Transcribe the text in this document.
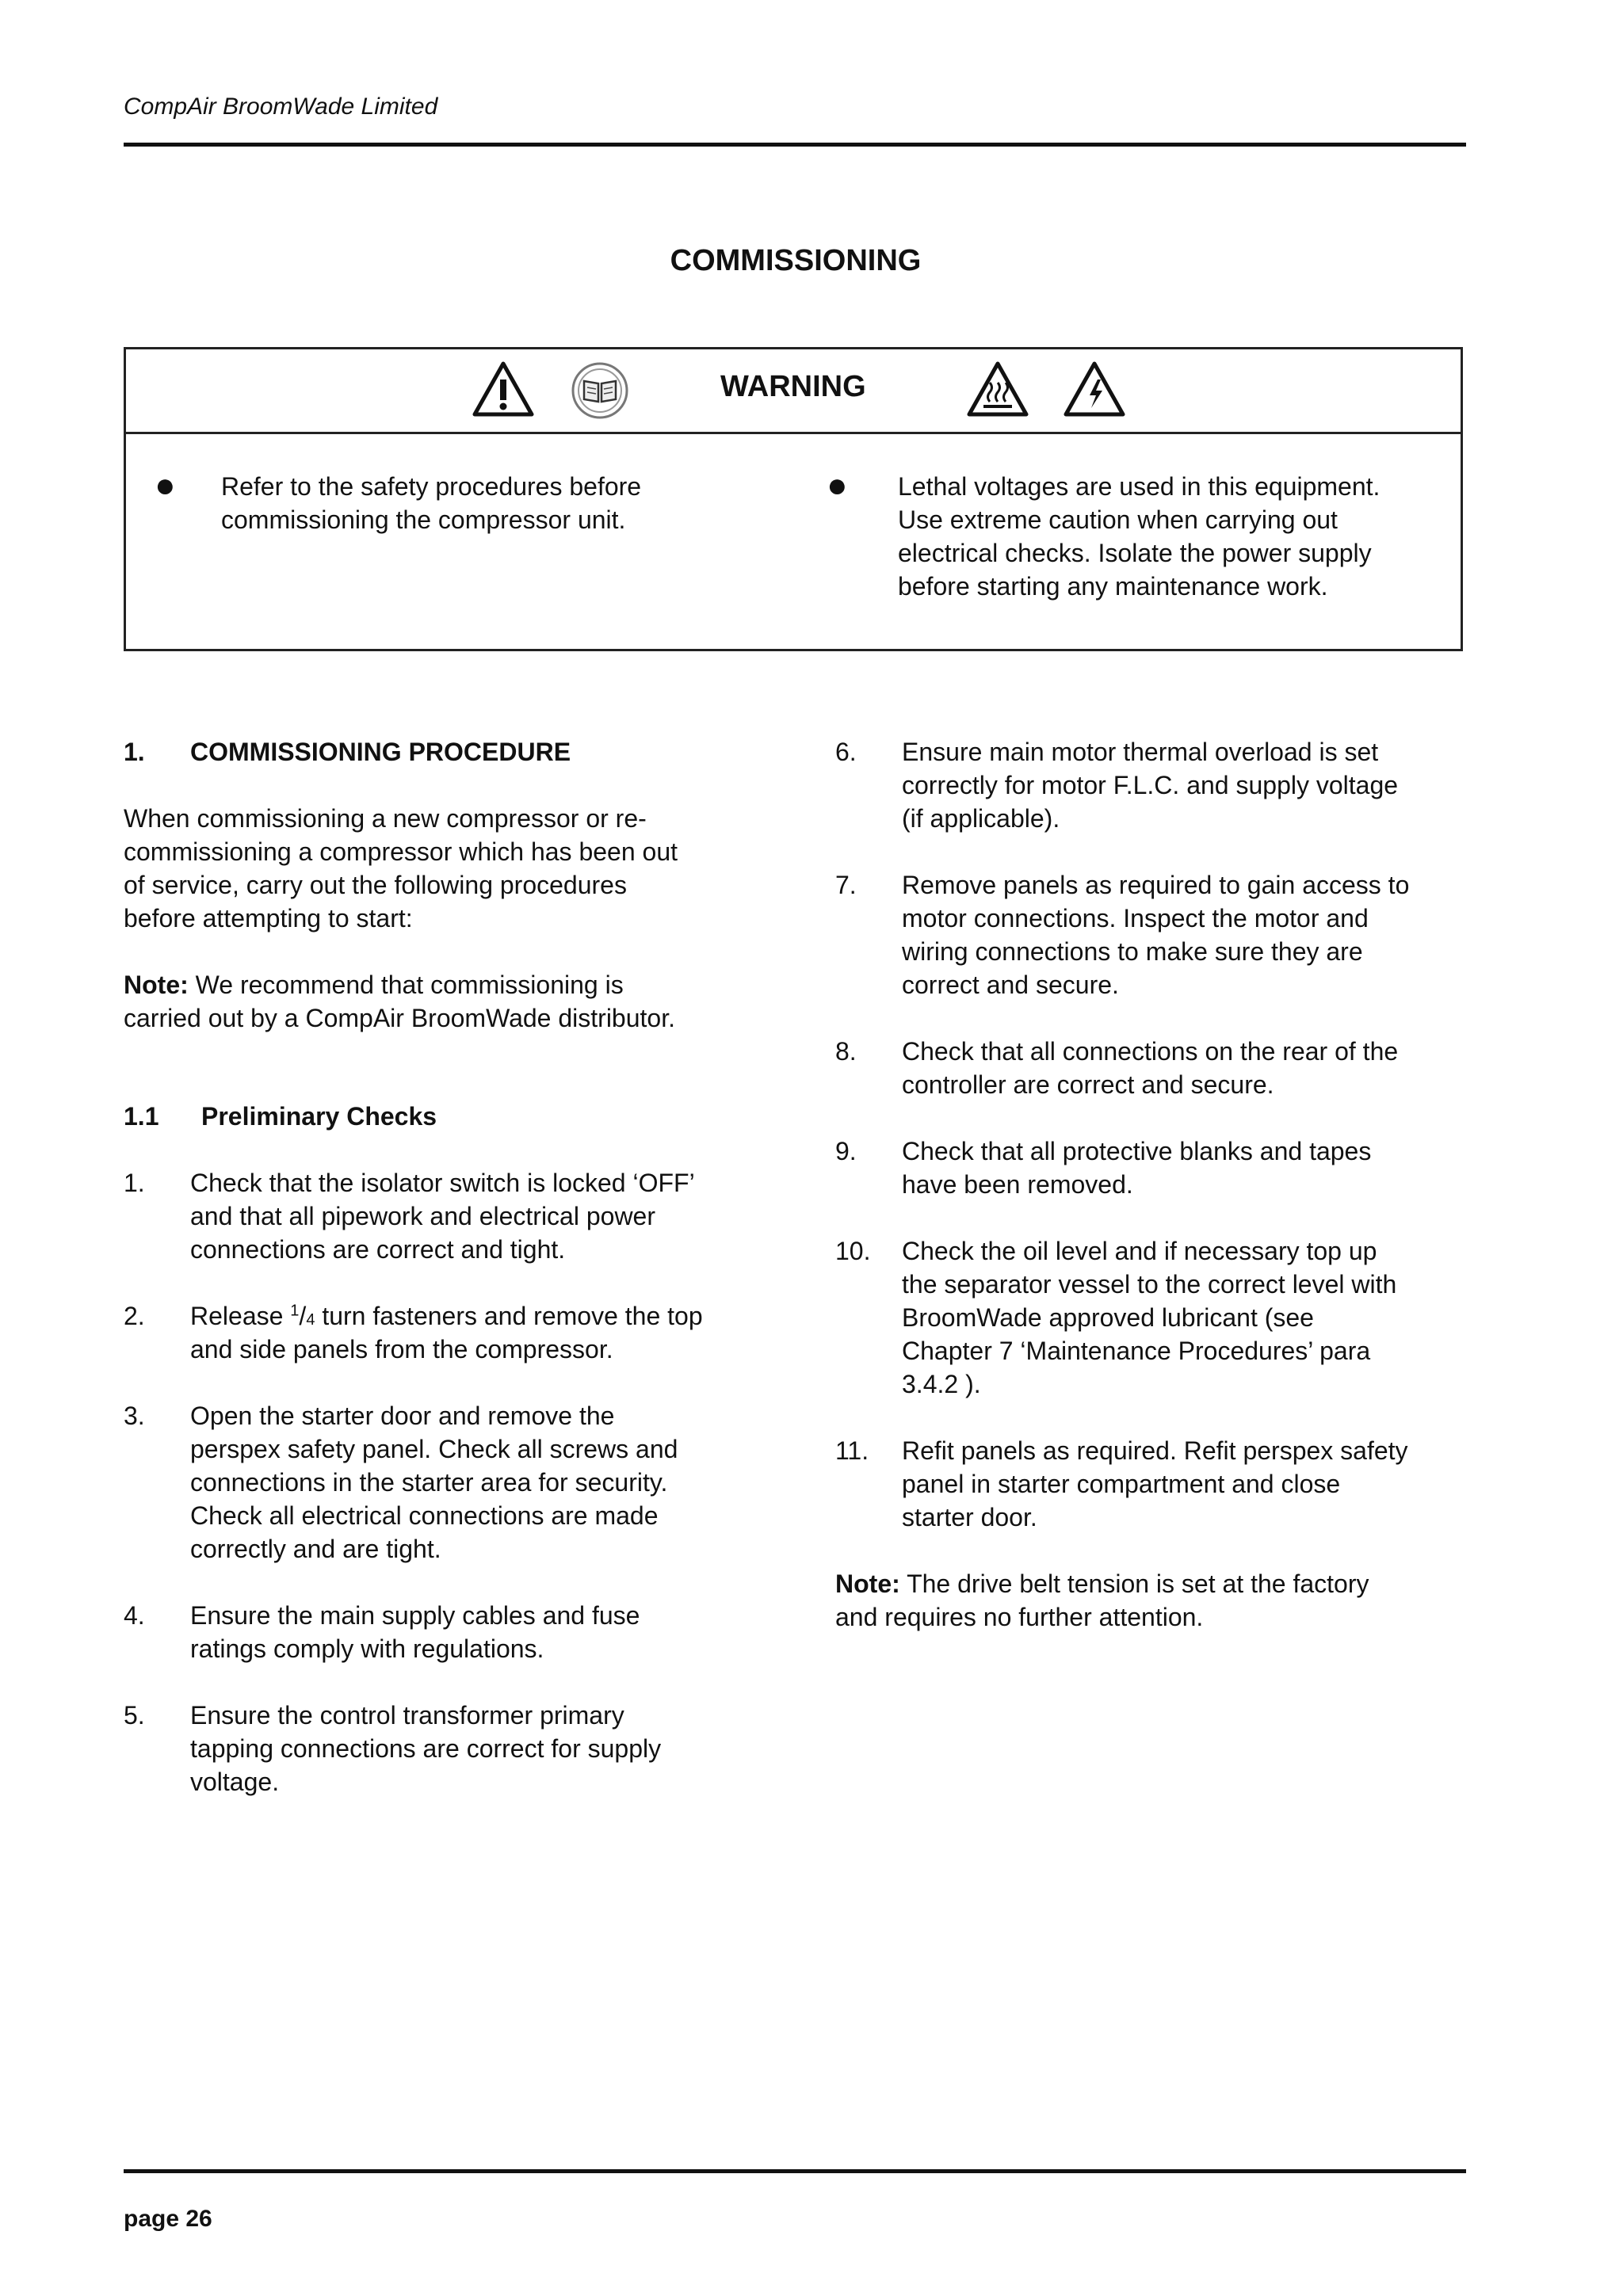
CompAir BroomWade Limited
COMMISSIONING
WARNING
● Refer to the safety procedures before
commissioning the compressor unit.
● Lethal voltages are used in this equipment.
Use extreme caution when carrying out
electrical checks. Isolate the power supply
before starting any maintenance work.
1. COMMISSIONING PROCEDURE
When commissioning a new compressor or re-
commissioning a compressor which has been out
of service, carry out the following procedures
before attempting to start:
Note: We recommend that commissioning is
carried out by a CompAir BroomWade distributor.
1.1 Preliminary Checks
1. Check that the isolator switch is locked ‘OFF’
and that all pipework and electrical power
connections are correct and tight.
2. Release $^1$/4 turn fasteners and remove the top
and side panels from the compressor.
3. Open the starter door and remove the
perspex safety panel. Check all screws and
connections in the starter area for security.
Check all electrical connections are made
correctly and are tight.
4. Ensure the main supply cables and fuse
ratings comply with regulations.
5. Ensure the control transformer primary
tapping connections are correct for supply
voltage.
6. Ensure main motor thermal overload is set
correctly for motor F.L.C. and supply voltage
(if applicable).
7. Remove panels as required to gain access to
motor connections. Inspect the motor and
wiring connections to make sure they are
correct and secure.
8. Check that all connections on the rear of the
controller are correct and secure.
9. Check that all protective blanks and tapes
have been removed.
10. Check the oil level and if necessary top up
the separator vessel to the correct level with
BroomWade approved lubricant (see
Chapter 7 ‘Maintenance Procedures’ para
3.4.2 ).
11. Refit panels as required. Refit perspex safety
panel in starter compartment and close
starter door.
Note: The drive belt tension is set at the factory
and requires no further attention.
page 26
